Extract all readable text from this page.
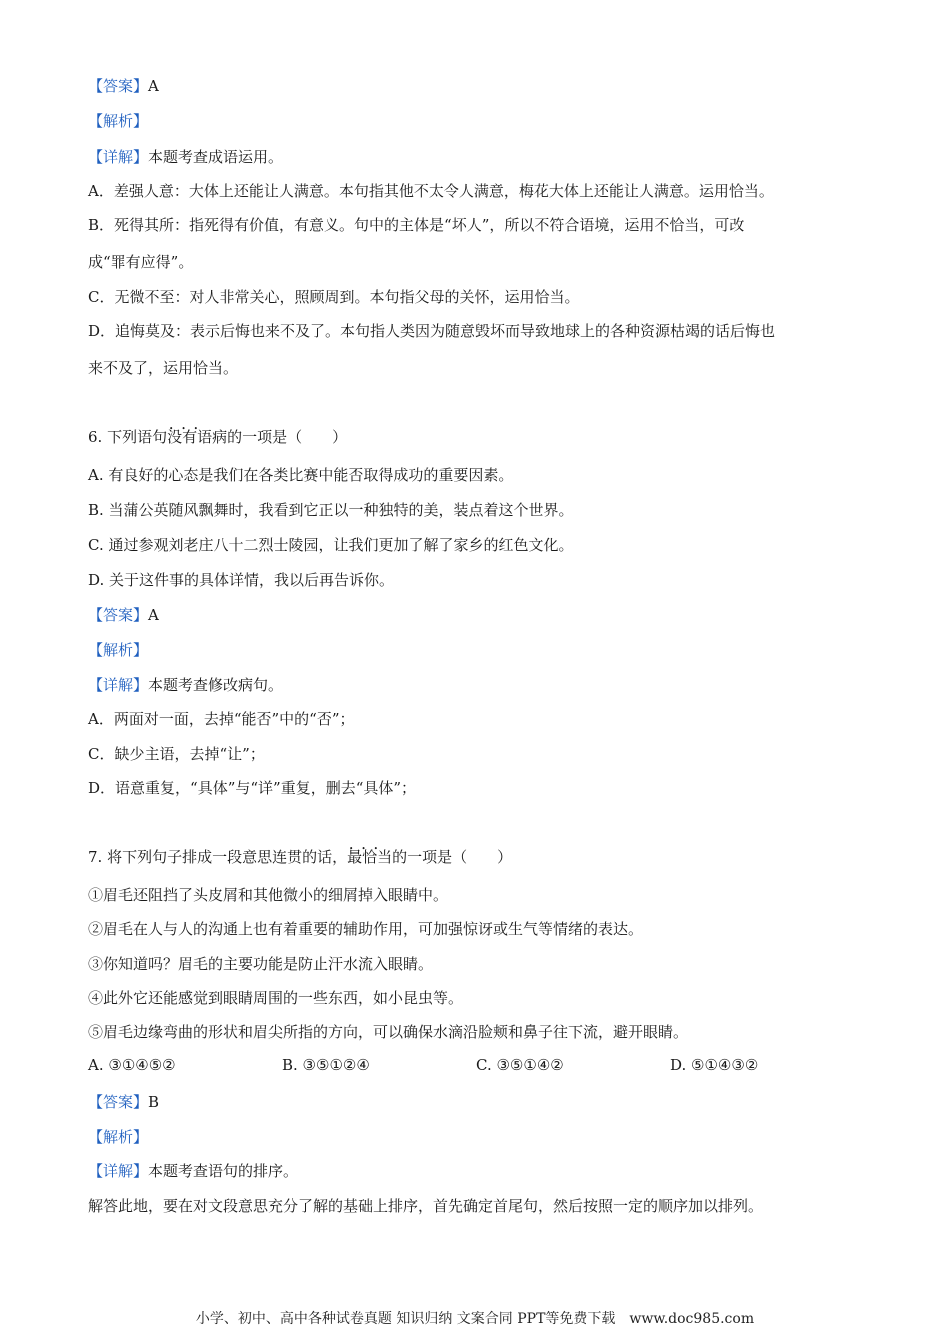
【答案】A
【解析】
【详解】本题考查成语运用。
A．差强人意：大体上还能让人满意。本句指其他不太令人满意，梅花大体上还能让人满意。运用恰当。
B．死得其所：指死得有价值，有意义。句中的主体是“坏人”，所以不符合语境，运用不恰当，可改
成“罪有应得”。
C．无微不至：对人非常关心，照顾周到。本句指父母的关怀，运用恰当。
D．追悔莫及：表示后悔也来不及了。本句指人类因为随意毁坏而导致地球上的各种资源枯竭的话后悔也
来不及了，运用恰当。
6. 下列语句• • • 没有语病的一项是（　　）
A. 有良好的心态是我们在各类比赛中能否取得成功的重要因素。
B. 当蒲公英随风飘舞时，我看到它正以一种独特的美，装点着这个世界。
C. 通过参观刘老庄八十二烈士陵园，让我们更加了解了家乡的红色文化。
D. 关于这件事的具体详情，我以后再告诉你。
【答案】A
【解析】
【详解】本题考查修改病句。
A．两面对一面，去掉“能否”中的“否”；
C．缺少主语，去掉“让”；
D．语意重复，“具体”与“详”重复，删去“具体”；
7. 将下列句子排成一段意思连贯的话，• • • 最恰当的一项是（　　）
①眉毛还阻挡了头皮屑和其他微小的细屑掉入眼睛中。
②眉毛在人与人的沟通上也有着重要的辅助作用，可加强惊讶或生气等情绪的表达。
③你知道吗？眉毛的主要功能是防止汗水流入眼睛。
④此外它还能感觉到眼睛周围的一些东西，如小昆虫等。
⑤眉毛边缘弯曲的形状和眉尖所指的方向，可以确保水滴沿脸颊和鼻子往下流，避开眼睛。
A. ③①④⑤②	B. ③⑤①②④	C. ③⑤①④②	D. ⑤①④③②
【答案】B
【解析】
【详解】本题考查语句的排序。
解答此地，要在对文段意思充分了解的基础上排序，首先确定首尾句，然后按照一定的顺序加以排列。
小学、初中、高中各种试卷真题 知识归纳 文案合同 PPT等免费下载　www.doc985.com
